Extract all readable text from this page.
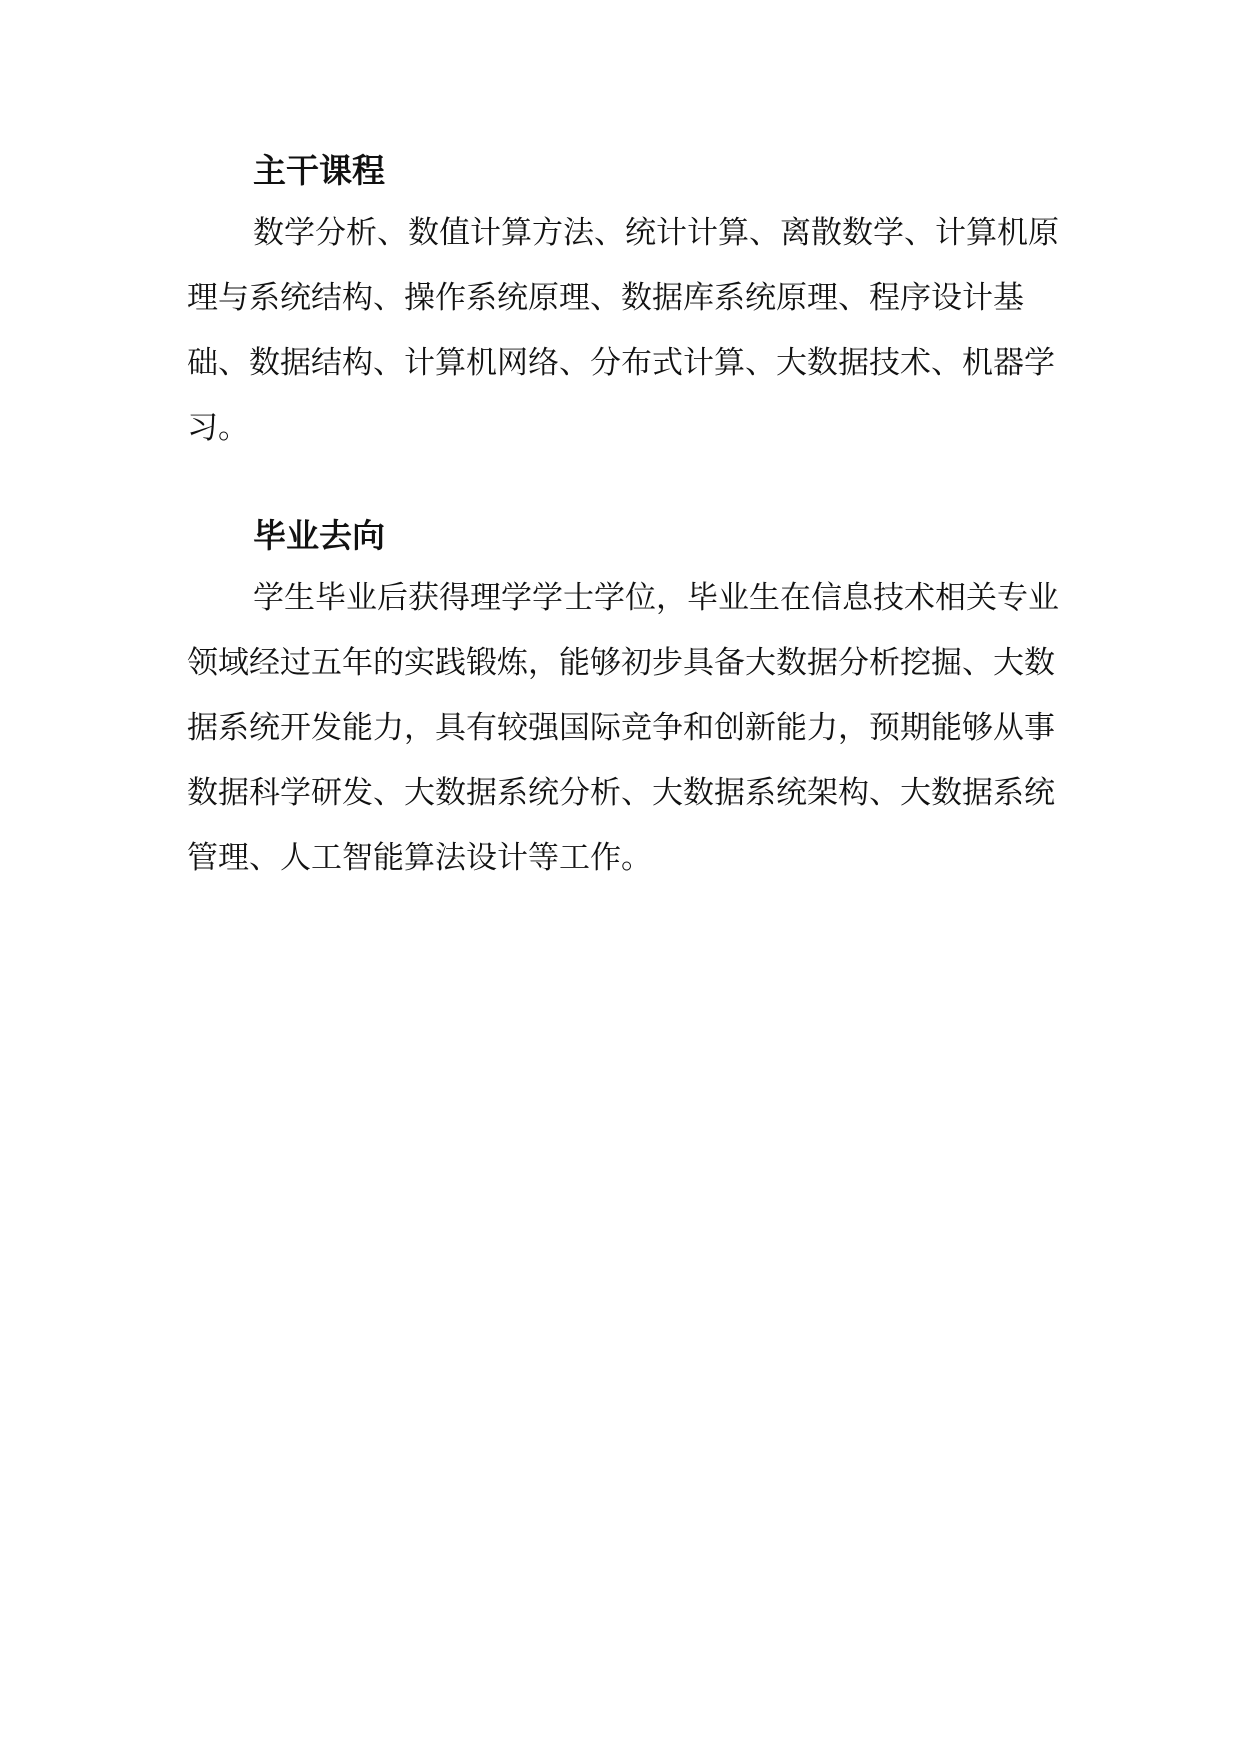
主干课程

数学分析、数值计算方法、统计计算、离散数学、计算机原理与系统结构、操作系统原理、数据库系统原理、程序设计基础、数据结构、计算机网络、分布式计算、大数据技术、机器学习。

毕业去向

学生毕业后获得理学学士学位，毕业生在信息技术相关专业领域经过五年的实践锻炼，能够初步具备大数据分析挖掘、大数据系统开发能力，具有较强国际竞争和创新能力，预期能够从事数据科学研发、大数据系统分析、大数据系统架构、大数据系统管理、人工智能算法设计等工作。
